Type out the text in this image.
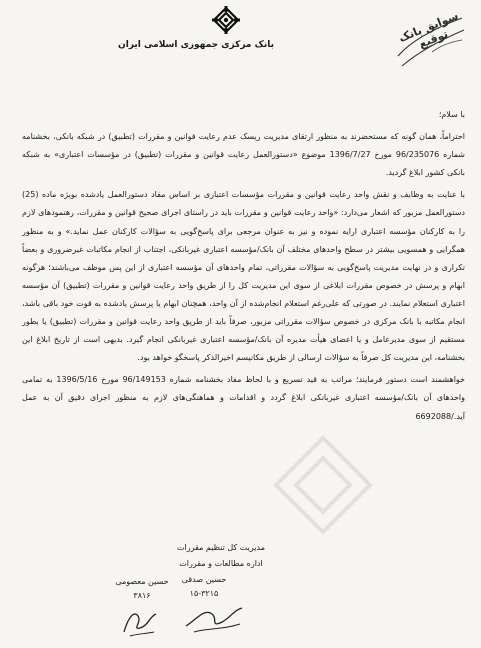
بانک مرکزی جمهوری اسلامی ایران
سوابق بانک توقیع

با سلام؛

احتراماً، همان گونه که مستحضرند به منظور ارتقای مدیریت ریسک عدم رعایت قوانین و مقررات (تطبیق) در شبکه بانکی، بخشنامه شماره 96/235076 مورخ 1396/7/27 موضوع «دستورالعمل رعایت قوانین و مقررات (تطبیق) در مؤسسات اعتباری» به شبکه بانکی کشور ابلاغ گردید.

با عنایت به وظایف و نقش واحد رعایت قوانین و مقررات مؤسسات اعتباری بر اساس مفاد دستورالعمل یادشده بویژه ماده (25) دستورالعمل مزبور که اشعار می‌دارد: «واحد رعایت قوانین و مقررات باید در راستای اجرای صحیح قوانین و مقررات، رهنمودهای لازم را به کارکنان مؤسسه اعتباری ارایه نموده و نیز به عنوان مرجعی برای پاسخ‌گویی به سؤالات کارکنان عمل نماید.» و به منظور همگرایی و همسویی بیشتر در سطح واحدهای مختلف آن بانک/مؤسسه اعتباری غیربانکی، اجتناب از انجام مکاتبات غیرضروری و بعضاً تکراری و در نهایت مدیریت پاسخ‌گویی به سؤالات مقرراتی، تمام واحدهای آن مؤسسه اعتباری از این پس موظف می‌باشند؛ هرگونه ابهام و پرسش در خصوص مقررات ابلاغی از سوی این مدیریت کل را از طریق واحد رعایت قوانین و مقررات (تطبیق) آن مؤسسه اعتباری استعلام نمایند. در صورتی که علی‌رغم استعلام انجام‌شده از آن واحد، همچنان ابهام یا پرسش یادشده به قوت خود باقی باشد، انجام مکاتبه با بانک مرکزی در خصوص سؤالات مقرراتی مزبور، صرفاً باید از طریق واحد رعایت قوانین و مقررات (تطبیق) یا بطور مستقیم از سوی مدیرعامل و یا اعضای هیأت مدیره آن بانک/مؤسسه اعتباری غیربانکی انجام گیرد. بدیهی است از تاریخ ابلاغ این بخشنامه، این مدیریت کل صرفاً به سؤالات ارسالی از طریق مکانیسم اخیرالذکر پاسخگو خواهد بود.

خواهشمند است دستور فرمایند؛ مراتب به قید تسریع و با لحاظ مفاد بخشنامه شماره 96/149153 مورخ 1396/5/16 به تمامی واحدهای آن بانک/مؤسسه اعتباری غیربانکی ابلاغ گردد و اقدامات و هماهنگی‌های لازم به منظور اجرای دقیق آن به عمل آید./6692088

مدیریت کل تنظیم مقررات
اداره مطالعات و مقررات
حسین صدقی
۱۵-۳۲۱۵
حسین معصومی
۳۸۱۶
